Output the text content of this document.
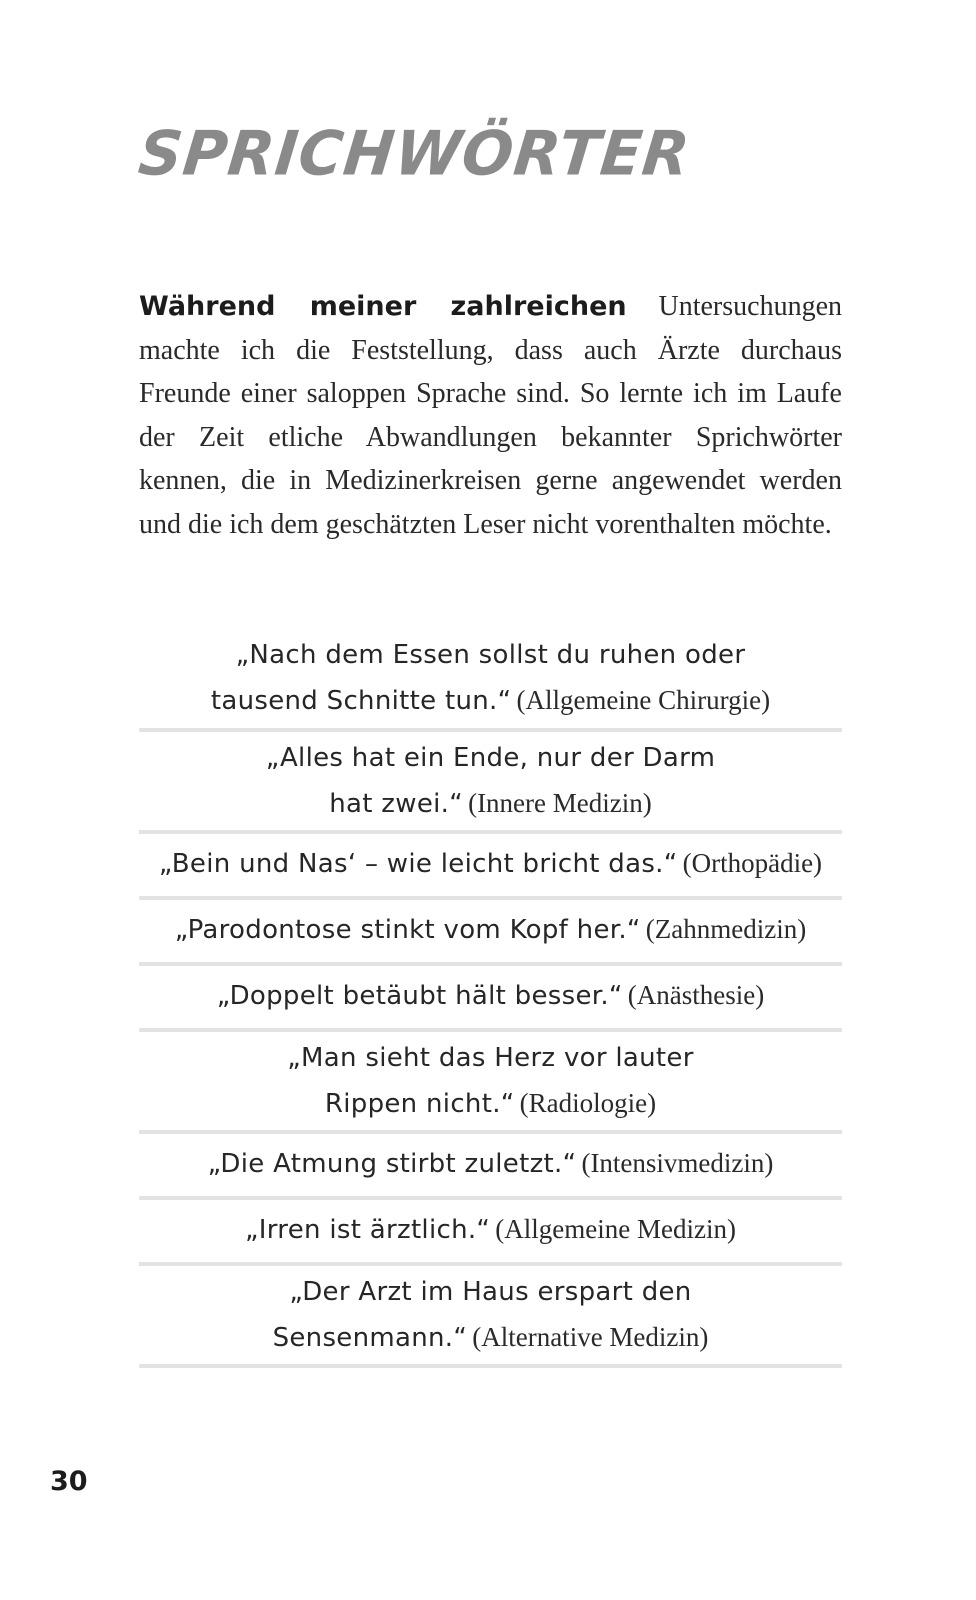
SPRICHWÖRTER

Während meiner zahlreichen Untersuchungen machte ich die Feststellung, dass auch Ärzte durchaus Freunde einer saloppen Sprache sind. So lernte ich im Laufe der Zeit etliche Abwandlungen bekannter Sprichwörter kennen, die in Medizinerkreisen gerne angewendet werden und die ich dem geschätzten Leser nicht vorenthalten möchte.

„Nach dem Essen sollst du ruhen oder

tausend Schnitte tun.“ (Allgemeine Chirurgie)

„Alles hat ein Ende, nur der Darm

hat zwei.“ (Innere Medizin)

„Bein und Nas‘ – wie leicht bricht das.“ (Orthopädie)

„Parodontose stinkt vom Kopf her.“ (Zahnmedizin)

„Doppelt betäubt hält besser.“ (Anästhesie)

„Man sieht das Herz vor lauter

Rippen nicht.“ (Radiologie)

„Die Atmung stirbt zuletzt.“ (Intensivmedizin)

„Irren ist ärztlich.“ (Allgemeine Medizin)

„Der Arzt im Haus erspart den

Sensenmann.“ (Alternative Medizin)

30
